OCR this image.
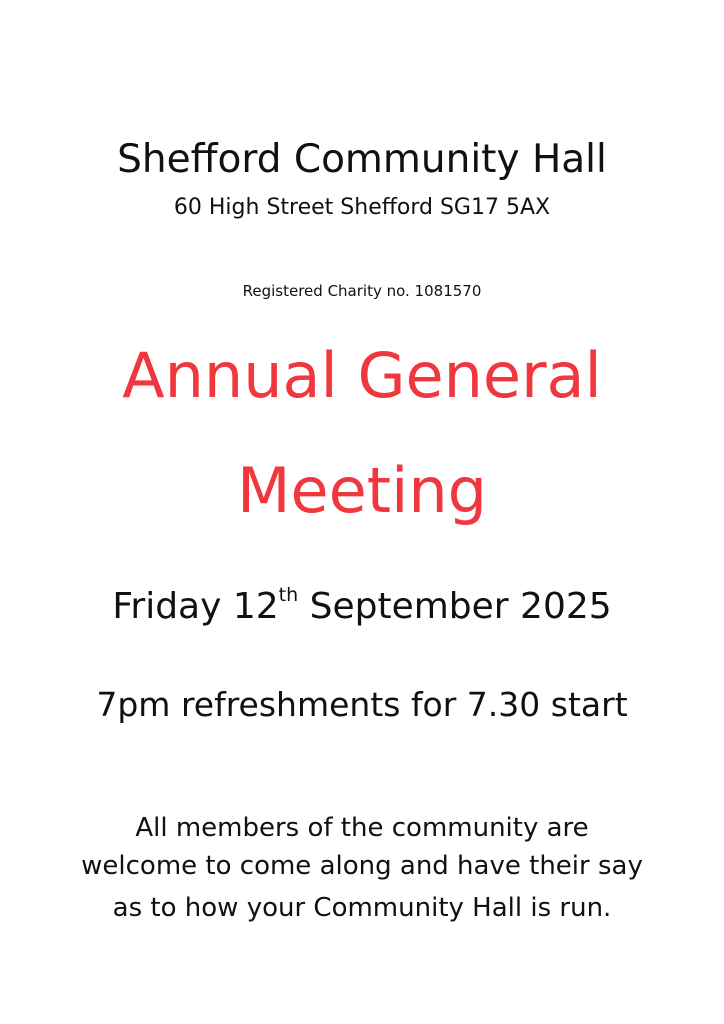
Shefford Community Hall

60 High Street Shefford SG17 5AX

Registered Charity no. 1081570

Annual General

Meeting

Friday 12th September 2025

7pm refreshments for 7.30 start

All members of the community are

welcome to come along and have their say

as to how your Community Hall is run.
